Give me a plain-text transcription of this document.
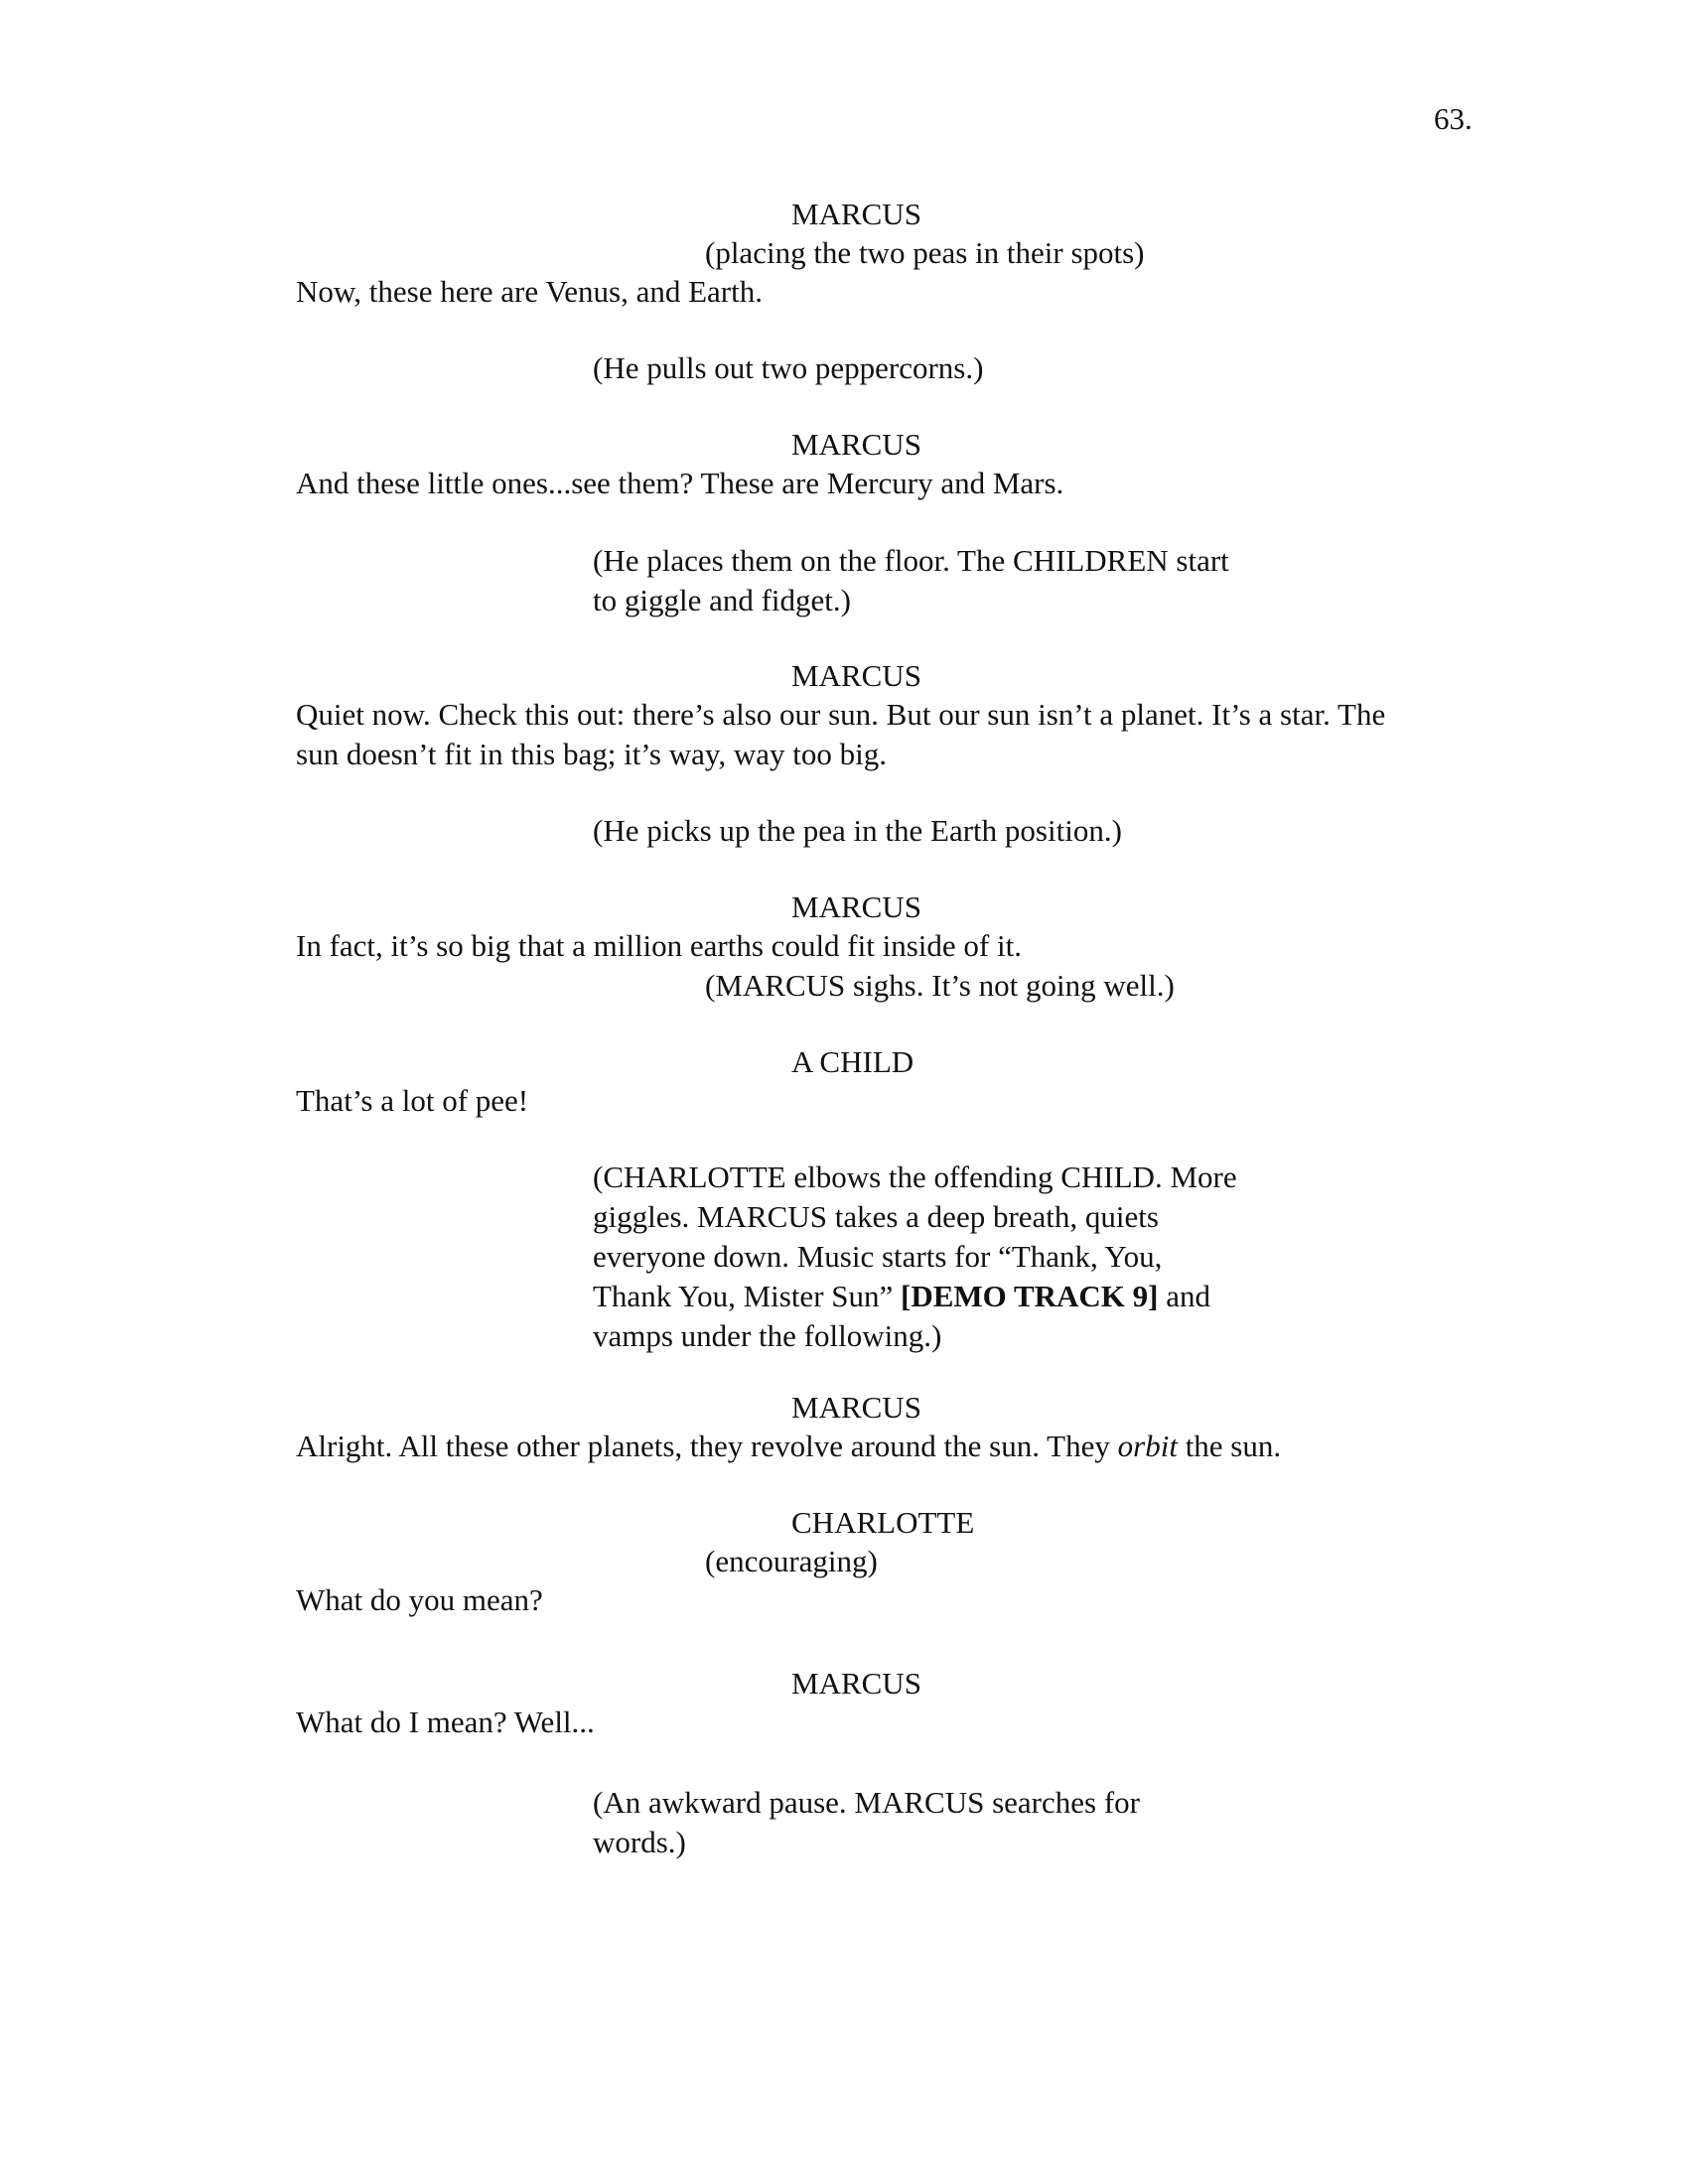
63.
MARCUS
(placing the two peas in their spots)
Now, these here are Venus, and Earth.
(He pulls out two peppercorns.)
MARCUS
And these little ones...see them? These are Mercury and Mars.
(He places them on the floor. The CHILDREN start
to giggle and fidget.)
MARCUS
Quiet now. Check this out: there’s also our sun. But our sun isn’t a planet. It’s a star. The
sun doesn’t fit in this bag; it’s way, way too big.
(He picks up the pea in the Earth position.)
MARCUS
In fact, it’s so big that a million earths could fit inside of it.
(MARCUS sighs. It’s not going well.)
A CHILD
That’s a lot of pee!
(CHARLOTTE elbows the offending CHILD. More
giggles. MARCUS takes a deep breath, quiets
everyone down. Music starts for “Thank, You,
Thank You, Mister Sun” [DEMO TRACK 9] and
vamps under the following.)
MARCUS
Alright. All these other planets, they revolve around the sun. They orbit the sun.
CHARLOTTE
(encouraging)
What do you mean?
MARCUS
What do I mean? Well...
(An awkward pause. MARCUS searches for
words.)
